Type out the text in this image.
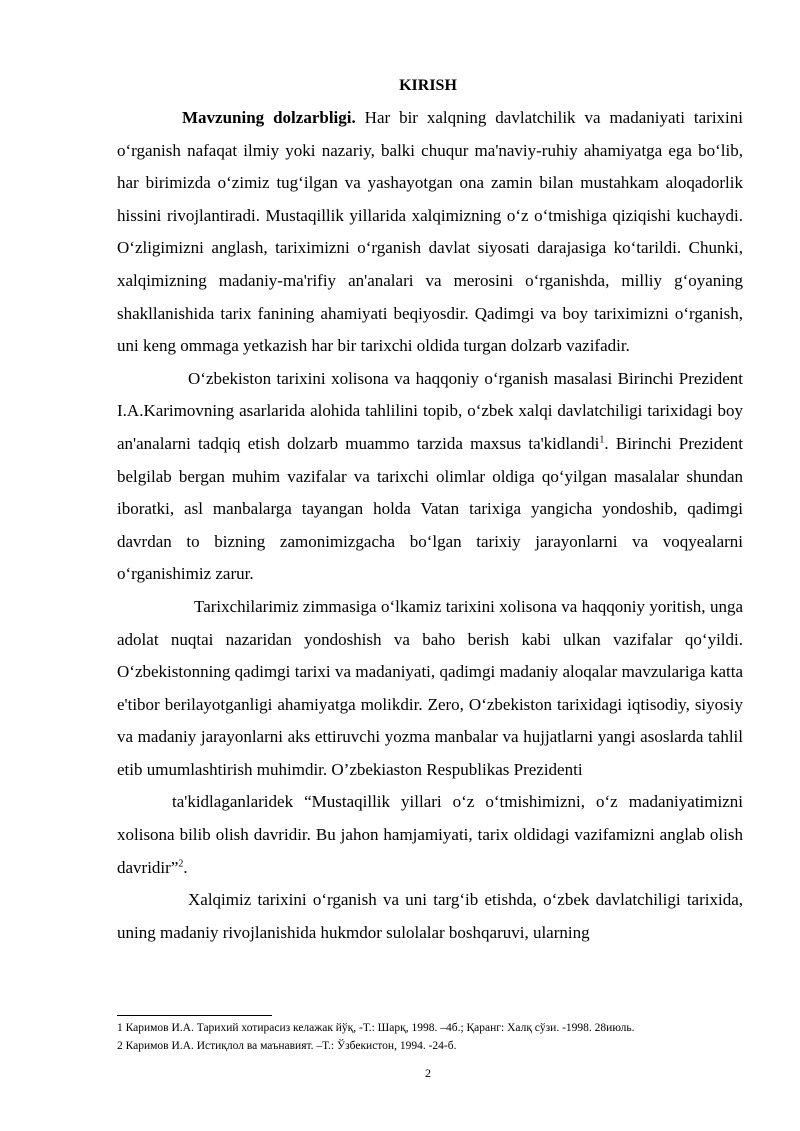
KIRISH

Mavzuning dolzarbligi. Har bir xalqning davlatchilik va madaniyati tarixini o‘rganish nafaqat ilmiy yoki nazariy, balki chuqur ma'naviy-ruhiy ahamiyatga ega bo‘lib, har birimizda o‘zimiz tug‘ilgan va yashayotgan ona zamin bilan mustahkam aloqadorlik hissini rivojlantiradi. Mustaqillik yillarida xalqimizning o‘z o‘tmishiga qiziqishi kuchaydi. O‘zligimizni anglash, tariximizni o‘rganish davlat siyosati darajasiga ko‘tarildi. Chunki, xalqimizning madaniy-ma'rifiy an'analari va merosini o‘rganishda, milliy g‘oyaning shakllanishida tarix fanining ahamiyati beqiyosdir. Qadimgi va boy tariximizni o‘rganish, uni keng ommaga yetkazish har bir tarixchi oldida turgan dolzarb vazifadir.

O‘zbekiston tarixini xolisona va haqqoniy o‘rganish masalasi Birinchi Prezident I.A.Karimovning asarlarida alohida tahlilini topib, o‘zbek xalqi davlatchiligi tarixidagi boy an'analarni tadqiq etish dolzarb muammo tarzida maxsus ta'kidlandi$^1$. Birinchi Prezident belgilab bergan muhim vazifalar va tarixchi olimlar oldiga qo‘yilgan masalalar shundan iboratki, asl manbalarga tayangan holda Vatan tarixiga yangicha yondoshib, qadimgi davrdan to bizning zamonimizgacha bo‘lgan tarixiy jarayonlarni va voqyealarni o‘rganishimiz zarur.

Tarixchilarimiz zimmasiga o‘lkamiz tarixini xolisona va haqqoniy yoritish, unga adolat nuqtai nazaridan yondoshish va baho berish kabi ulkan vazifalar qo‘yildi. O‘zbekistonning qadimgi tarixi va madaniyati, qadimgi madaniy aloqalar mavzulariga katta e'tibor berilayotganligi ahamiyatga molikdir. Zero, O‘zbekiston tarixidagi iqtisodiy, siyosiy va madaniy jarayonlarni aks ettiruvchi yozma manbalar va hujjatlarni yangi asoslarda tahlil etib umumlashtirish muhimdir. O’zbekiaston Respublikas Prezidenti

ta'kidlaganlaridek “Mustaqillik yillari o‘z o‘tmishimizni, o‘z madaniyatimizni xolisona bilib olish davridir. Bu jahon hamjamiyati, tarix oldidagi vazifamizni anglab olish davridir”$^2$.

Xalqimiz tarixini o‘rganish va uni targ‘ib etishda, o‘zbek davlatchiligi tarixida, uning madaniy rivojlanishida hukmdor sulolalar boshqaruvi, ularning

1 Каримов И.А. Тарихий хотирасиз келажак йўқ, -Т.: Шарқ, 1998. –4б.; Қаранг: Халқ сўзи. -1998. 28июль.
2 Каримов И.А. Истиқлол ва маънавият. –Т.: Ўзбекистон, 1994. -24-б.
2
